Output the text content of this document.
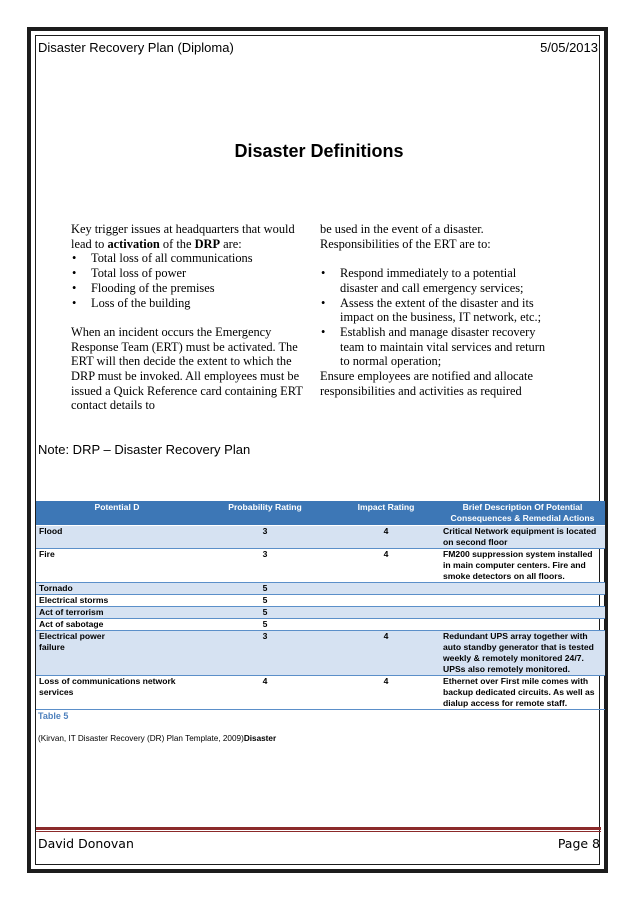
Disaster Recovery Plan (Diploma)	5/05/2013
Disaster Definitions

Key trigger issues at headquarters that would lead to activation of the DRP are:

• Total loss of all communications
• Total loss of power
• Flooding of the premises
• Loss of the building

When an incident occurs the Emergency Response Team (ERT) must be activated. The ERT will then decide the extent to which the DRP must be invoked. All employees must be issued a Quick Reference card containing ERT contact details to

be used in the event of a disaster. Responsibilities of the ERT are to:

• Respond immediately to a potential disaster and call emergency services;
• Assess the extent of the disaster and its impact on the business, IT network, etc.;
• Establish and manage disaster recovery team to maintain vital services and return to normal operation;

Ensure employees are notified and allocate responsibilities and activities as required

Note: DRP – Disaster Recovery Plan
Potential D	Probability Rating	Impact Rating	Brief Description Of Potential Consequences & Remedial Actions
Flood	3	4	Critical Network equipment is located on second floor
Fire	3	4	FM200 suppression system installed in main computer centers. Fire and smoke detectors on all floors.
Tornado	5		
Electrical storms	5		
Act of terrorism	5		
Act of sabotage	5		
Electrical power failure	3	4	Redundant UPS array together with auto standby generator that is tested weekly & remotely monitored 24/7. UPSs also remotely monitored.
Loss of communications network services	4	4	Ethernet over First mile comes with backup dedicated circuits. As well as dialup access for remote staff.
Table 5
(Kirvan, IT Disaster Recovery (DR) Plan Template, 2009)Disaster
David Donovan	Page 8
